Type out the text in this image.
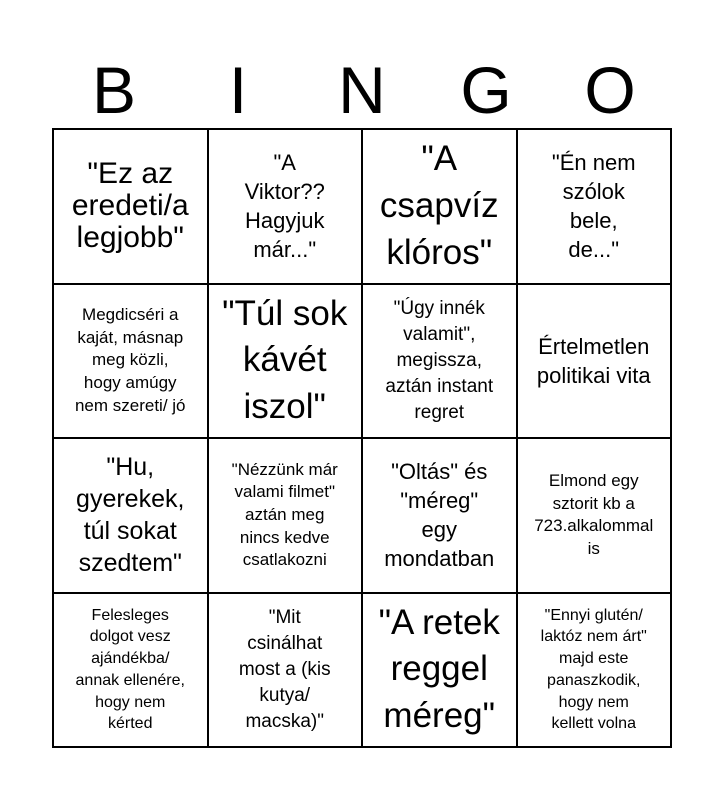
B	I	N	G	O
"Ez az
eredeti/a
legjobb"
"A
Viktor??
Hagyjuk
már..."
"A
csapvíz
klóros"
"Én nem
szólok
bele,
de..."
Megdicséri a
kaját, másnap
meg közli,
hogy amúgy
nem szereti/ jó
"Túl sok
kávét
iszol"
"Úgy innék
valamit",
megissza,
aztán instant
regret
Értelmetlen
politikai vita
"Hu,
gyerekek,
túl sokat
szedtem"
"Nézzünk már
valami filmet"
aztán meg
nincs kedve
csatlakozni
"Oltás" és
"méreg"
egy
mondatban
Elmond egy
sztorit kb a
723.alkalommal
is
Felesleges
dolgot vesz
ajándékba/
annak ellenére,
hogy nem
kérted
"Mit
csinálhat
most a (kis
kutya/
macska)"
"A retek
reggel
méreg"
"Ennyi glutén/
laktóz nem árt"
majd este
panaszkodik,
hogy nem
kellett volna
